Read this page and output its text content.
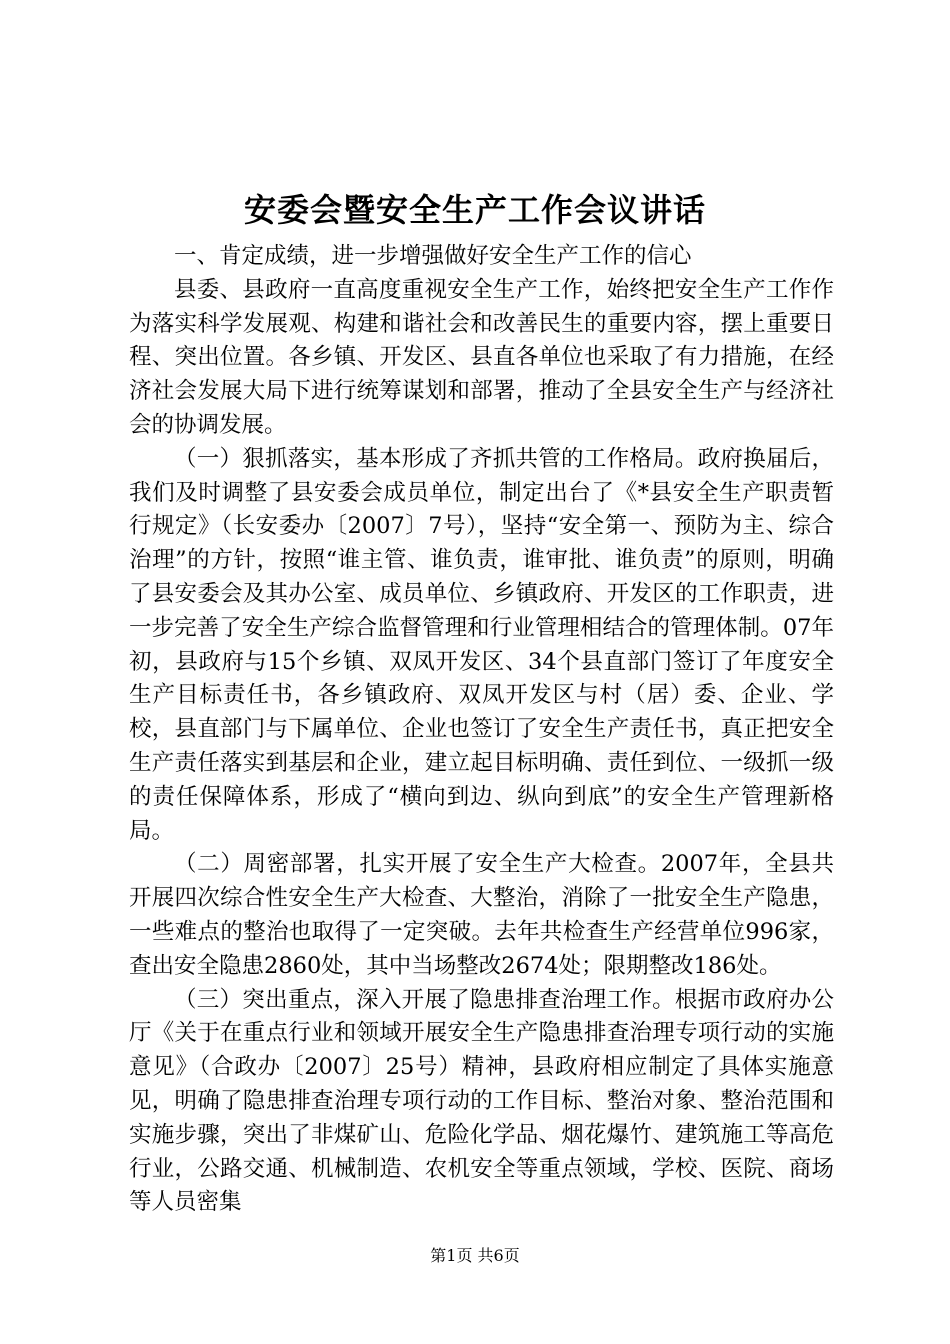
安委会暨安全生产工作会议讲话

一、肯定成绩，进一步增强做好安全生产工作的信心

县委、县政府一直高度重视安全生产工作，始终把安全生产工作作为落实科学发展观、构建和谐社会和改善民生的重要内容，摆上重要日程、突出位置。各乡镇、开发区、县直各单位也采取了有力措施，在经济社会发展大局下进行统筹谋划和部署，推动了全县安全生产与经济社会的协调发展。

（一）狠抓落实，基本形成了齐抓共管的工作格局。政府换届后，我们及时调整了县安委会成员单位，制定出台了《*县安全生产职责暂行规定》（长安委办〔2007〕7号），坚持“安全第一、预防为主、综合治理”的方针，按照“谁主管、谁负责，谁审批、谁负责”的原则，明确了县安委会及其办公室、成员单位、乡镇政府、开发区的工作职责，进一步完善了安全生产综合监督管理和行业管理相结合的管理体制。07年初，县政府与15个乡镇、双凤开发区、34个县直部门签订了年度安全生产目标责任书，各乡镇政府、双凤开发区与村（居）委、企业、学校，县直部门与下属单位、企业也签订了安全生产责任书，真正把安全生产责任落实到基层和企业，建立起目标明确、责任到位、一级抓一级的责任保障体系，形成了“横向到边、纵向到底”的安全生产管理新格局。

（二）周密部署，扎实开展了安全生产大检查。2007年，全县共开展四次综合性安全生产大检查、大整治，消除了一批安全生产隐患，一些难点的整治也取得了一定突破。去年共检查生产经营单位996家，查出安全隐患2860处，其中当场整改2674处；限期整改186处。

（三）突出重点，深入开展了隐患排查治理工作。根据市政府办公厅《关于在重点行业和领域开展安全生产隐患排查治理专项行动的实施意见》（合政办〔2007〕25号）精神，县政府相应制定了具体实施意见，明确了隐患排查治理专项行动的工作目标、整治对象、整治范围和实施步骤，突出了非煤矿山、危险化学品、烟花爆竹、建筑施工等高危行业，公路交通、机械制造、农机安全等重点领域，学校、医院、商场等人员密集

第1页 共6页
